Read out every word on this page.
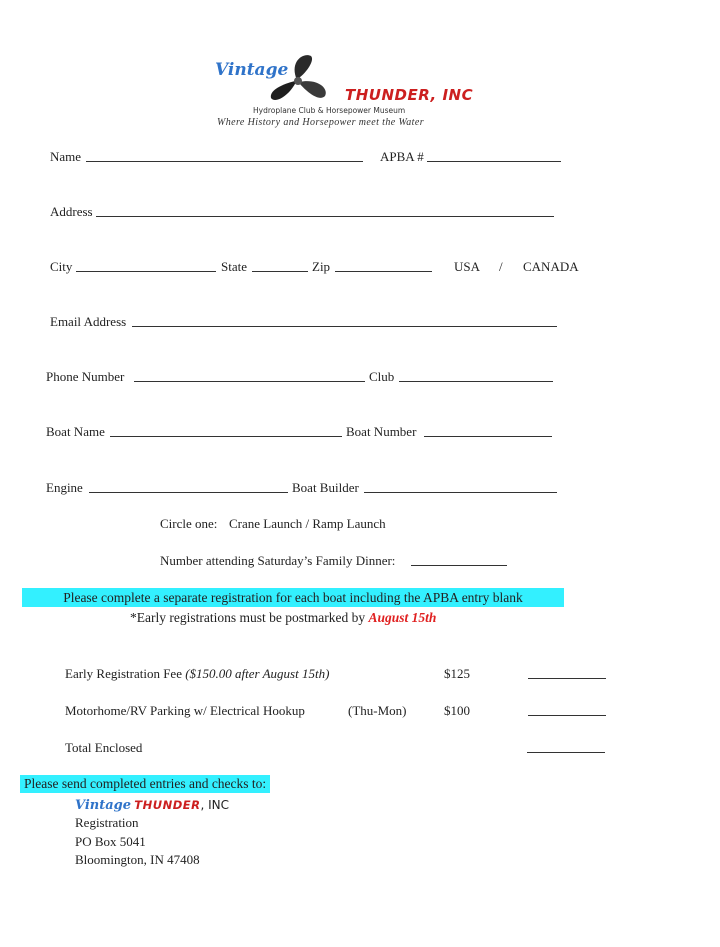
Vintage
THUNDER, INC
Hydroplane Club & Horsepower Museum
Where History and Horsepower meet the Water
Name	APBA #
Address
City	State	Zip	USA / CANADA
Email Address
Phone Number	Club
Boat Name	Boat Number
Engine	Boat Builder
Circle one: Crane Launch / Ramp Launch
Number attending Saturday’s Family Dinner:
Please complete a separate registration for each boat including the APBA entry blank
*Early registrations must be postmarked by August 15th
Early Registration Fee ($150.00 after August 15th)	$125
Motorhome/RV Parking w/ Electrical Hookup	(Thu-Mon)	$100
Total Enclosed
Please send completed entries and checks to:
Vintage THUNDER, INC
Registration
PO Box 5041
Bloomington, IN 47408
